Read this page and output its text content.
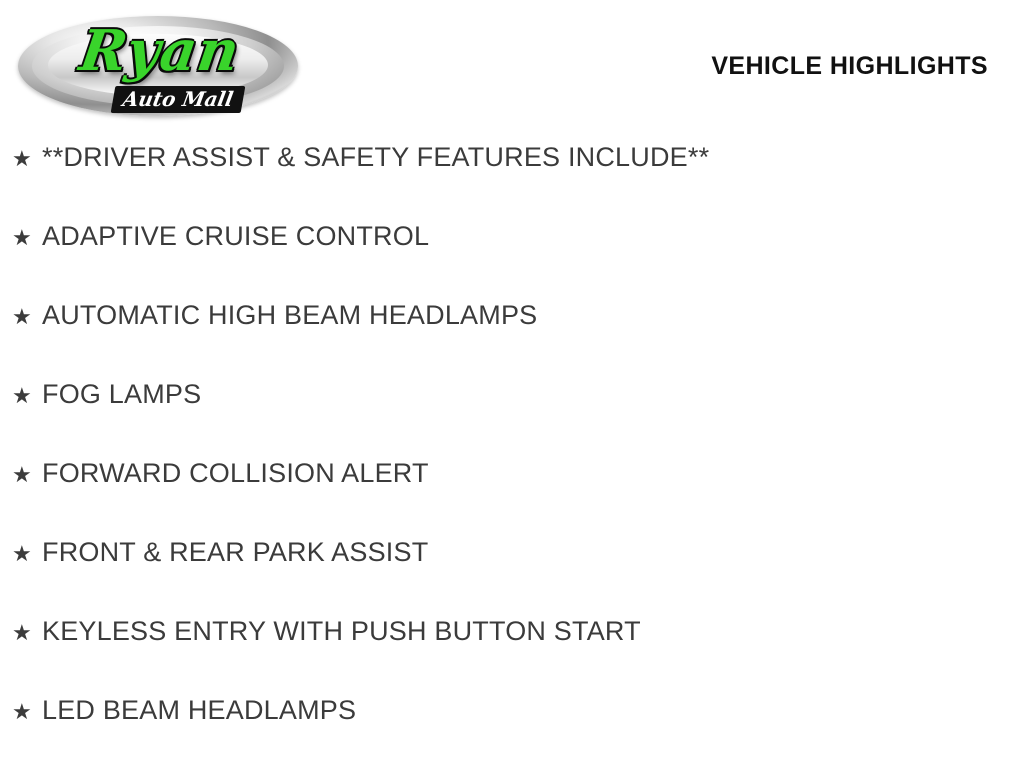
Ryan
Auto Mall
VEHICLE HIGHLIGHTS
★ **DRIVER ASSIST & SAFETY FEATURES INCLUDE**
★ ADAPTIVE CRUISE CONTROL
★ AUTOMATIC HIGH BEAM HEADLAMPS
★ FOG LAMPS
★ FORWARD COLLISION ALERT
★ FRONT & REAR PARK ASSIST
★ KEYLESS ENTRY WITH PUSH BUTTON START
★ LED BEAM HEADLAMPS
